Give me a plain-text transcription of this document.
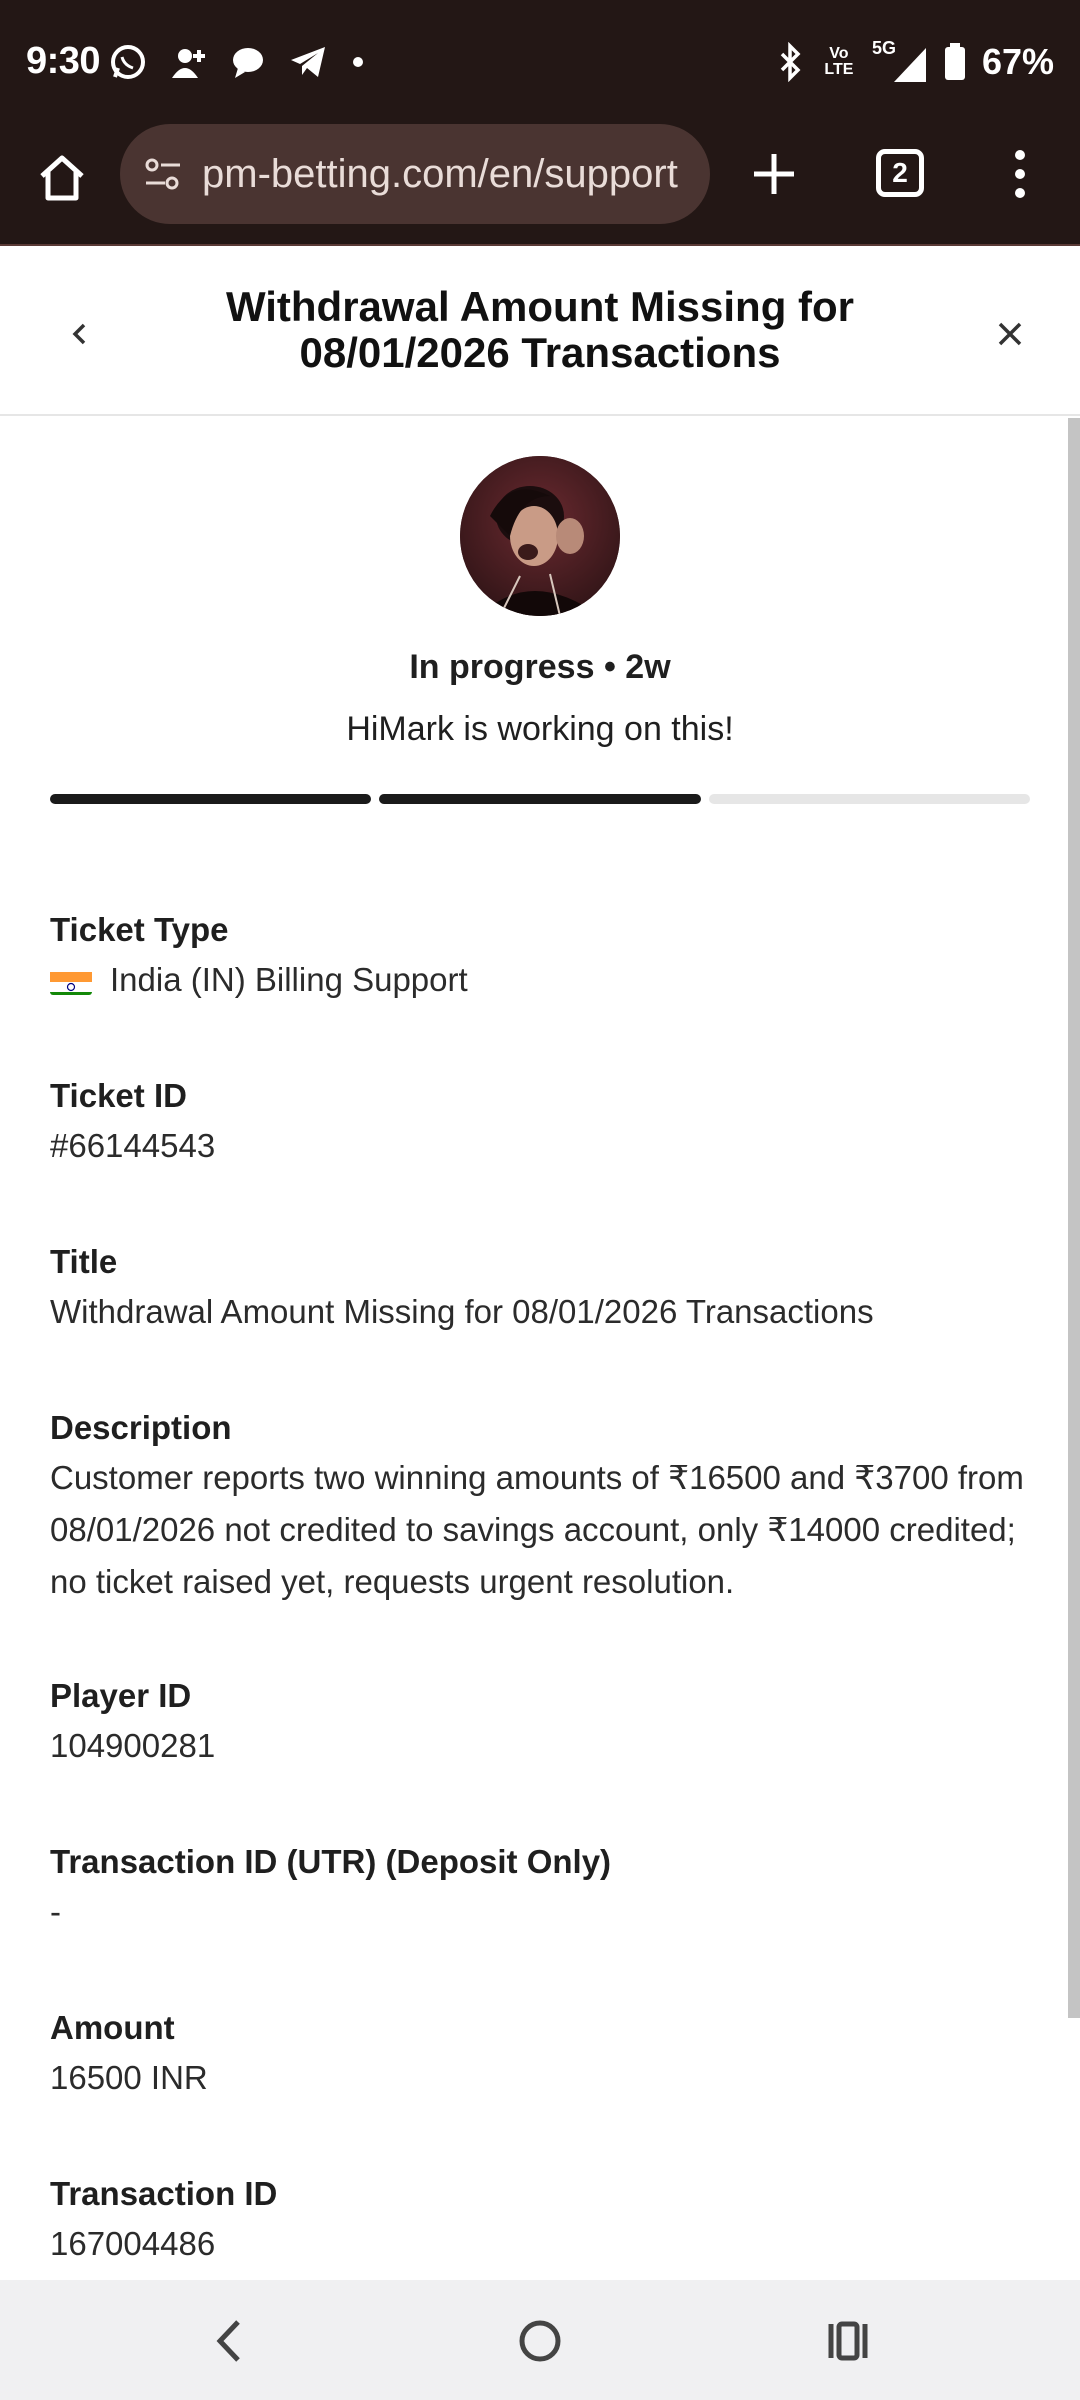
9:30	Vo LTE
5G 67%
pm-betting.com/en/support	2
Withdrawal Amount Missing for 08/01/2026 Transactions
In progress • 2w
HiMark is working on this!
Ticket Type
India (IN) Billing Support
Ticket ID
#66144543
Title
Withdrawal Amount Missing for 08/01/2026 Transactions
Description
Customer reports two winning amounts of ₹16500 and ₹3700 from 08/01/2026 not credited to savings account, only ₹14000 credited; no ticket raised yet, requests urgent resolution.
Player ID
104900281
Transaction ID (UTR) (Deposit Only)
-
Amount
16500 INR
Transaction ID
167004486
